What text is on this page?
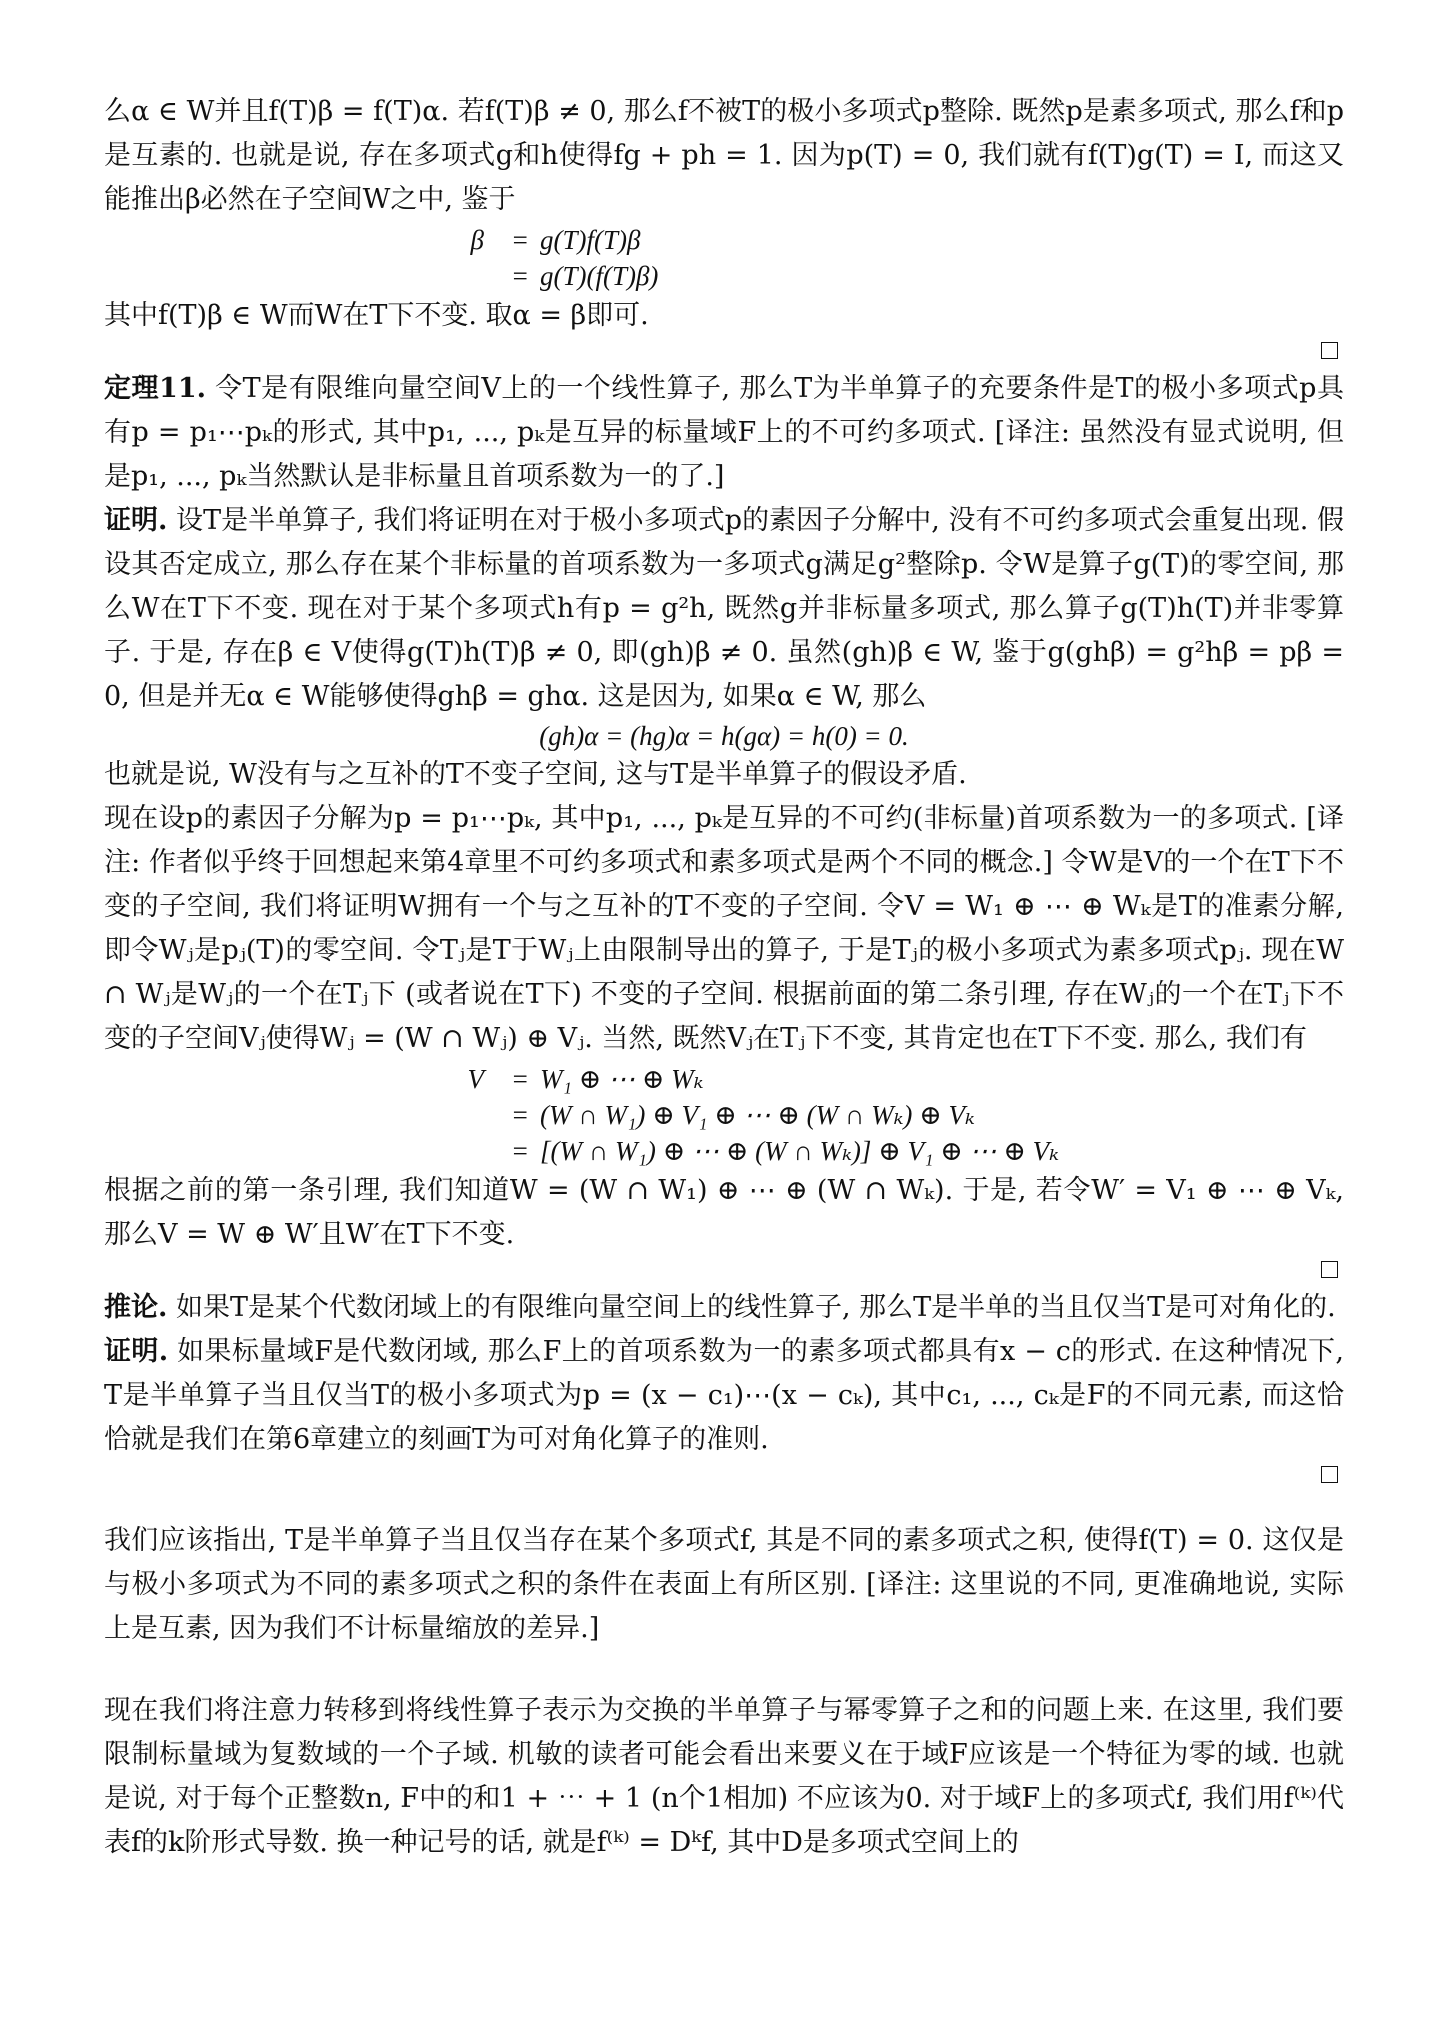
么α ∈ W并且f(T)β = f(T)α. 若f(T)β ≠ 0, 那么f不被T的极小多项式p整除. 既然p是素多项式, 那么f和p是互素的. 也就是说, 存在多项式g和h使得fg + ph = 1. 因为p(T) = 0, 我们就有f(T)g(T) = I, 而这又能推出β必然在子空间W之中, 鉴于

β = g(T)f(T)β
= g(T)(f(T)β)

其中f(T)β ∈ W而W在T下不变. 取α = β即可.

定理11. 令T是有限维向量空间V上的一个线性算子, 那么T为半单算子的充要条件是T的极小多项式p具有p = p₁⋯pₖ的形式, 其中p₁, ..., pₖ是互异的标量域F上的不可约多项式. [译注: 虽然没有显式说明, 但是p₁, ..., pₖ当然默认是非标量且首项系数为一的了.]

证明. 设T是半单算子, 我们将证明在对于极小多项式p的素因子分解中, 没有不可约多项式会重复出现. 假设其否定成立, 那么存在某个非标量的首项系数为一多项式g满足g²整除p. 令W是算子g(T)的零空间, 那么W在T下不变. 现在对于某个多项式h有p = g²h, 既然g并非标量多项式, 那么算子g(T)h(T)并非零算子. 于是, 存在β ∈ V使得g(T)h(T)β ≠ 0, 即(gh)β ≠ 0. 虽然(gh)β ∈ W, 鉴于g(ghβ) = g²hβ = pβ = 0, 但是并无α ∈ W能够使得ghβ = ghα. 这是因为, 如果α ∈ W, 那么

(gh)α = (hg)α = h(gα) = h(0) = 0.

也就是说, W没有与之互补的T不变子空间, 这与T是半单算子的假设矛盾.

现在设p的素因子分解为p = p₁⋯pₖ, 其中p₁, ..., pₖ是互异的不可约(非标量)首项系数为一的多项式. [译注: 作者似乎终于回想起来第4章里不可约多项式和素多项式是两个不同的概念.] 令W是V的一个在T下不变的子空间, 我们将证明W拥有一个与之互补的T不变的子空间. 令V = W₁ ⊕ ⋯ ⊕ Wₖ是T的准素分解, 即令Wⱼ是pⱼ(T)的零空间. 令Tⱼ是T于Wⱼ上由限制导出的算子, 于是Tⱼ的极小多项式为素多项式pⱼ. 现在W ∩ Wⱼ是Wⱼ的一个在Tⱼ下 (或者说在T下) 不变的子空间. 根据前面的第二条引理, 存在Wⱼ的一个在Tⱼ下不变的子空间Vⱼ使得Wⱼ = (W ∩ Wⱼ) ⊕ Vⱼ. 当然, 既然Vⱼ在Tⱼ下不变, 其肯定也在T下不变. 那么, 我们有

V = W₁ ⊕ ⋯ ⊕ Wₖ
= (W ∩ W₁) ⊕ V₁ ⊕ ⋯ ⊕ (W ∩ Wₖ) ⊕ Vₖ
= [(W ∩ W₁) ⊕ ⋯ ⊕ (W ∩ Wₖ)] ⊕ V₁ ⊕ ⋯ ⊕ Vₖ

根据之前的第一条引理, 我们知道W = (W ∩ W₁) ⊕ ⋯ ⊕ (W ∩ Wₖ). 于是, 若令W′ = V₁ ⊕ ⋯ ⊕ Vₖ, 那么V = W ⊕ W′且W′在T下不变.

推论. 如果T是某个代数闭域上的有限维向量空间上的线性算子, 那么T是半单的当且仅当T是可对角化的.

证明. 如果标量域F是代数闭域, 那么F上的首项系数为一的素多项式都具有x − c的形式. 在这种情况下, T是半单算子当且仅当T的极小多项式为p = (x − c₁)⋯(x − cₖ), 其中c₁, ..., cₖ是F的不同元素, 而这恰恰就是我们在第6章建立的刻画T为可对角化算子的准则.

我们应该指出, T是半单算子当且仅当存在某个多项式f, 其是不同的素多项式之积, 使得f(T) = 0. 这仅是与极小多项式为不同的素多项式之积的条件在表面上有所区别. [译注: 这里说的不同, 更准确地说, 实际上是互素, 因为我们不计标量缩放的差异.]

现在我们将注意力转移到将线性算子表示为交换的半单算子与幂零算子之和的问题上来. 在这里, 我们要限制标量域为复数域的一个子域. 机敏的读者可能会看出来要义在于域F应该是一个特征为零的域. 也就是说, 对于每个正整数n, F中的和1 + ⋯ + 1 (n个1相加) 不应该为0. 对于域F上的多项式f, 我们用f⁽ᵏ⁾代表f的k阶形式导数. 换一种记号的话, 就是f⁽ᵏ⁾ = Dᵏf, 其中D是多项式空间上的
